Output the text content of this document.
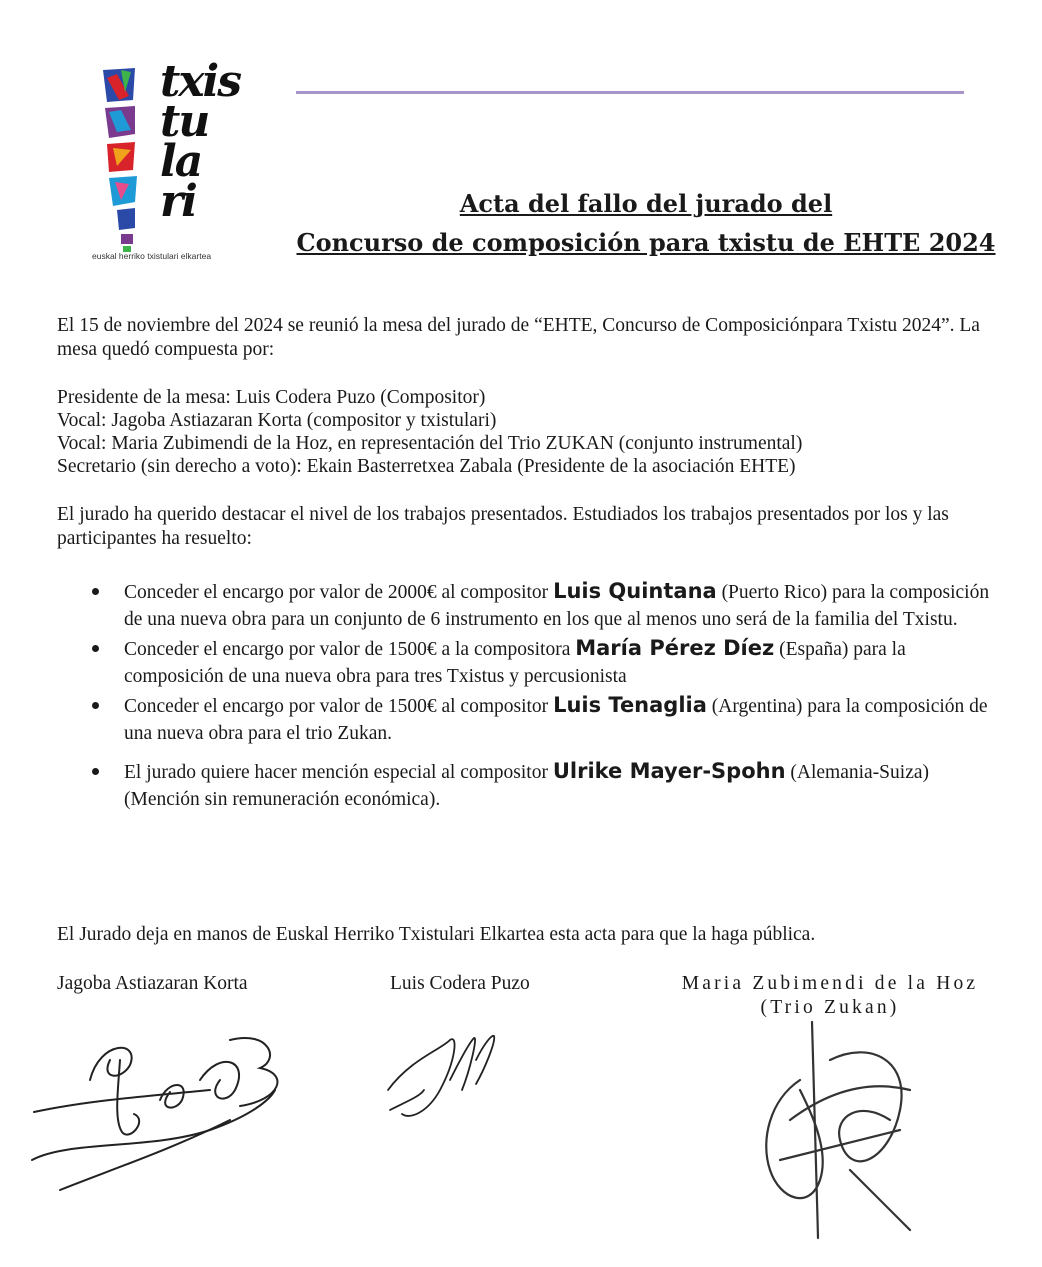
txis
tu
la
ri
euskal herriko txistulari elkartea
Acta del fallo del jurado del
Concurso de composición para txistu de EHTE 2024

El 15 de noviembre del 2024 se reunió la mesa del jurado de “EHTE, Concurso de Composiciónpara Txistu 2024”. La mesa quedó compuesta por:

Presidente de la mesa: Luis Codera Puzo (Compositor)

Vocal: Jagoba Astiazaran Korta (compositor y txistulari)

Vocal: Maria Zubimendi de la Hoz, en representación del Trio ZUKAN (conjunto instrumental)

Secretario (sin derecho a voto): Ekain Basterretxea Zabala (Presidente de la asociación EHTE)

El jurado ha querido destacar el nivel de los trabajos presentados. Estudiados los trabajos presentados por los y las participantes ha resuelto:

Conceder el encargo por valor de 2000€ al compositor Luis Quintana (Puerto Rico) para la composición de una nueva obra para un conjunto de 6 instrumento en los que al menos uno será de la familia del Txistu.
Conceder el encargo por valor de 1500€ a la compositora María Pérez Díez (España) para la composición de una nueva obra para tres Txistus y percusionista
Conceder el encargo por valor de 1500€ al compositor Luis Tenaglia (Argentina) para la composición de una nueva obra para el trio Zukan.
El jurado quiere hacer mención especial al compositor Ulrike Mayer-Spohn (Alemania-Suiza) (Mención sin remuneración económica).

El Jurado deja en manos de Euskal Herriko Txistulari Elkartea esta acta para que la haga pública.

Jagoba Astiazaran Korta	Luis Codera Puzo	Maria Zubimendi de la Hoz
(Trio Zukan)
